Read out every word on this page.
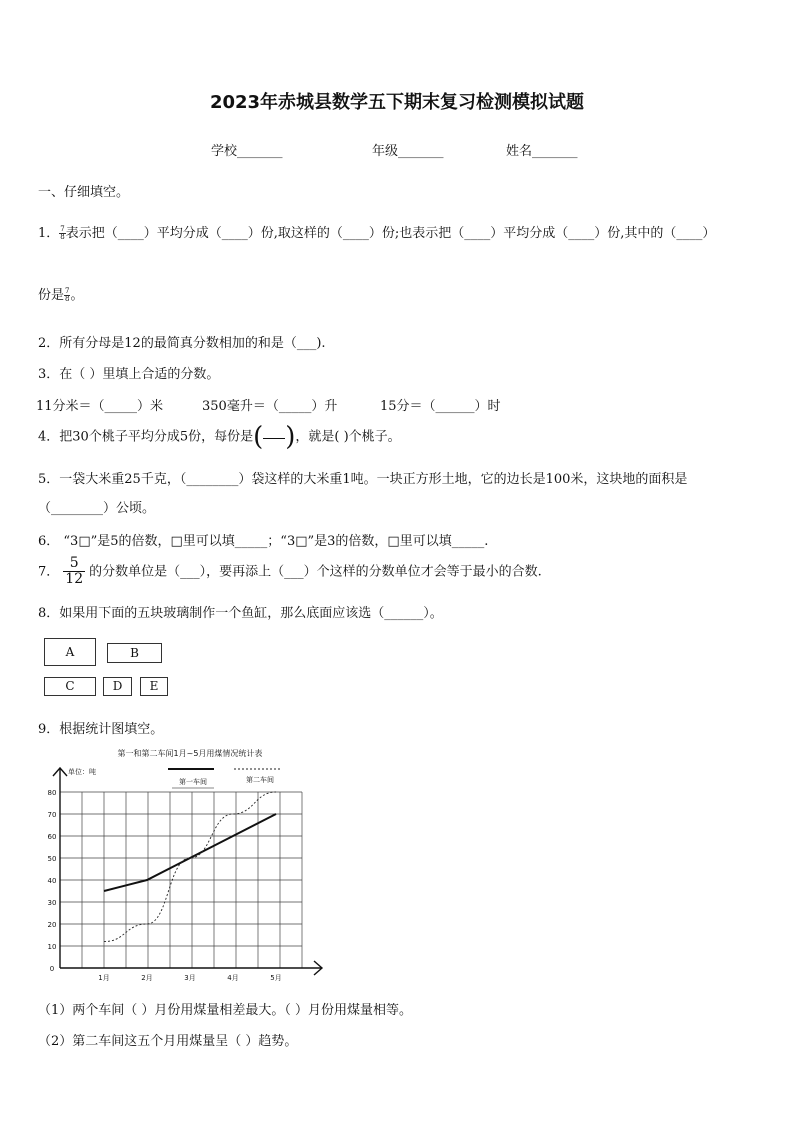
2023年赤城县数学五下期末复习检测模拟试题
学校_______	年级_______	姓名_______
一、仔细填空。
1． $\frac{7}{8}$ 表示把（____）平均分成（____）份,取这样的（____）份;也表示把（____）平均分成（____）份,其中的（____）
份是 $\frac{7}{8}$ 。
2．所有分母是12的最简真分数相加的和是（___).
3．在（ ）里填上合适的分数。
11分米＝（_____）米	350毫升＝（_____）升	15分＝（______）时
4．把30个桃子平均分成5份，每份是( )，就是( )个桃子。
5．一袋大米重25千克，（________）袋这样的大米重1吨。一块正方形土地，它的边长是100米，这块地的面积是
（________）公顷。
6． “3□”是5的倍数，□里可以填_____；“3□”是3的倍数，□里可以填_____.
7． $\frac{5}{12}$ 的分数单位是（___），要再添上（___）个这样的分数单位才会等于最小的合数.
8．如果用下面的五块玻璃制作一个鱼缸，那么底面应该选（______）。
A	B
C	D	E
9．根据统计图填空。
第一和第二车间1月~5月用煤情况统计表
单位：吨
0
10
20
30
40
50
60
70
80
1月	2月	3月	4月	5月
第一车间	第二车间
（1）两个车间（ ）月份用煤量相差最大。（ ）月份用煤量相等。
（2）第二车间这五个月用煤量呈（ ）趋势。
